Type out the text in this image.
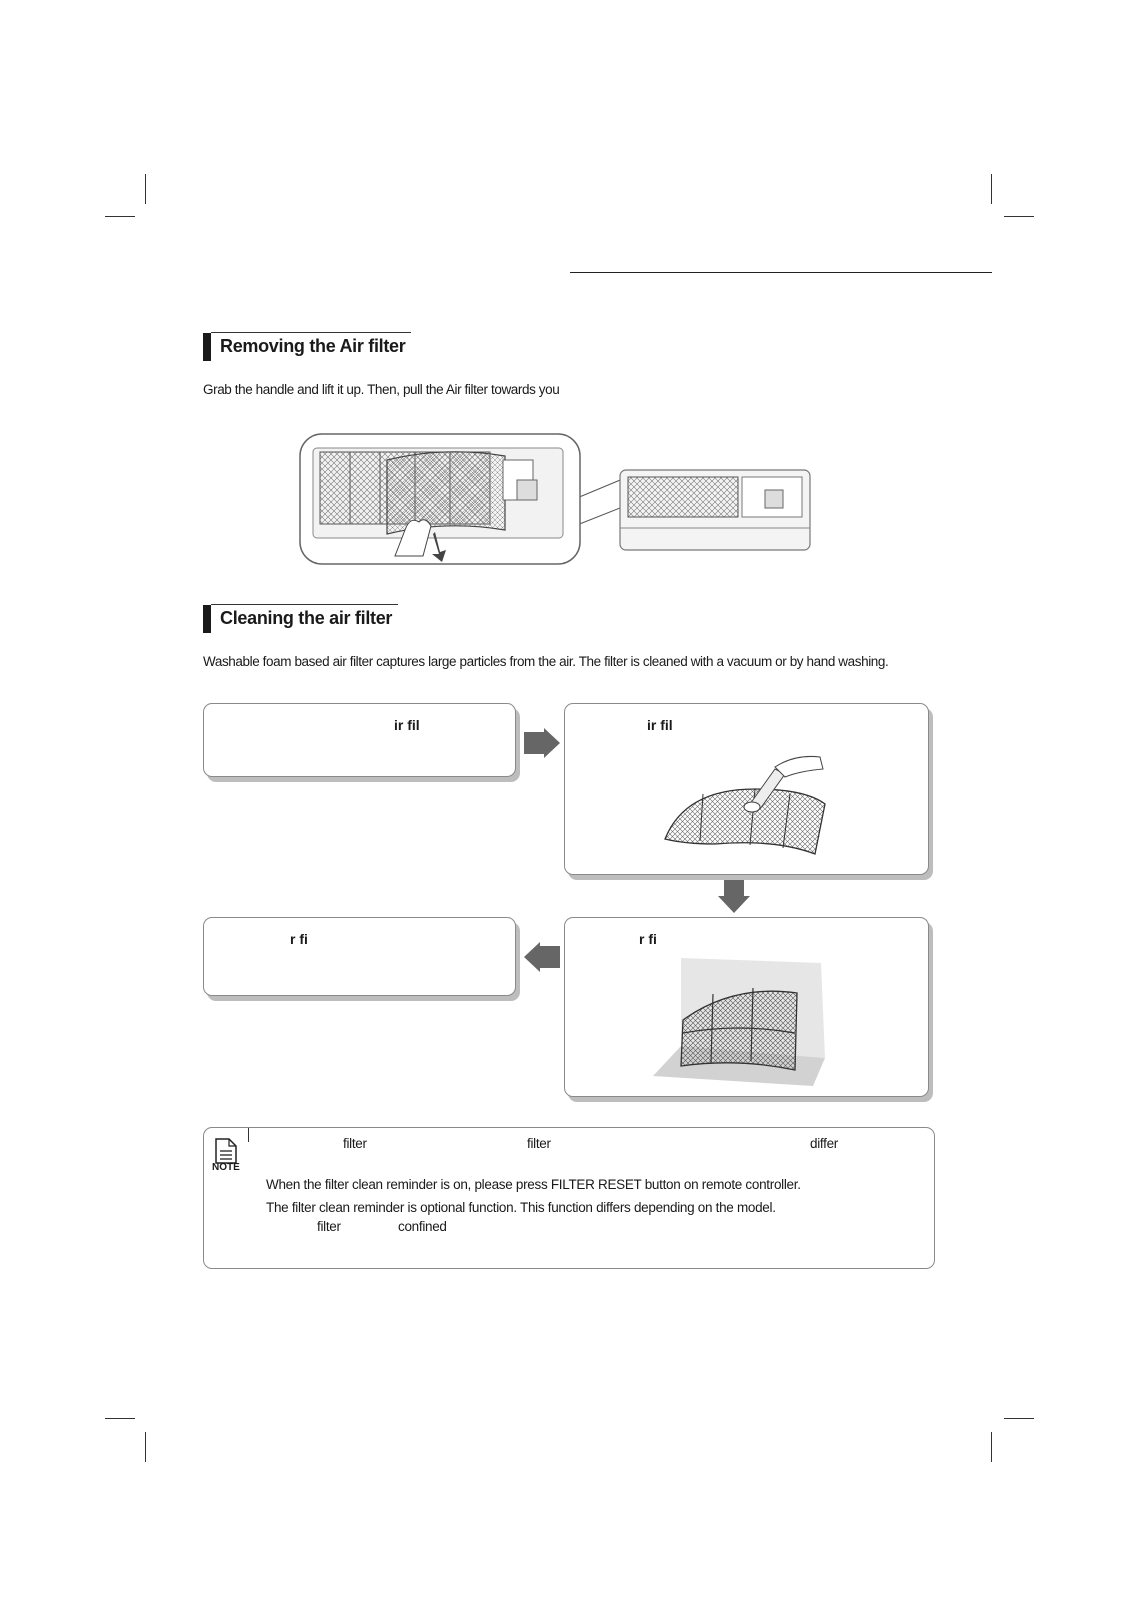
Removing the Air filter
Grab the handle and lift it up. Then, pull the Air filter towards you
Cleaning the air filter
Washable foam based air filter captures large particles from the air. The filter is cleaned with a vacuum or by hand washing.
ir fil	ir fil
r fi	r fi
NOTE
filter	filter	differ
When the filter clean reminder is on, please press FILTER RESET button on remote controller.
The filter clean reminder is optional function. This function differs depending on the model.
filter	confined
